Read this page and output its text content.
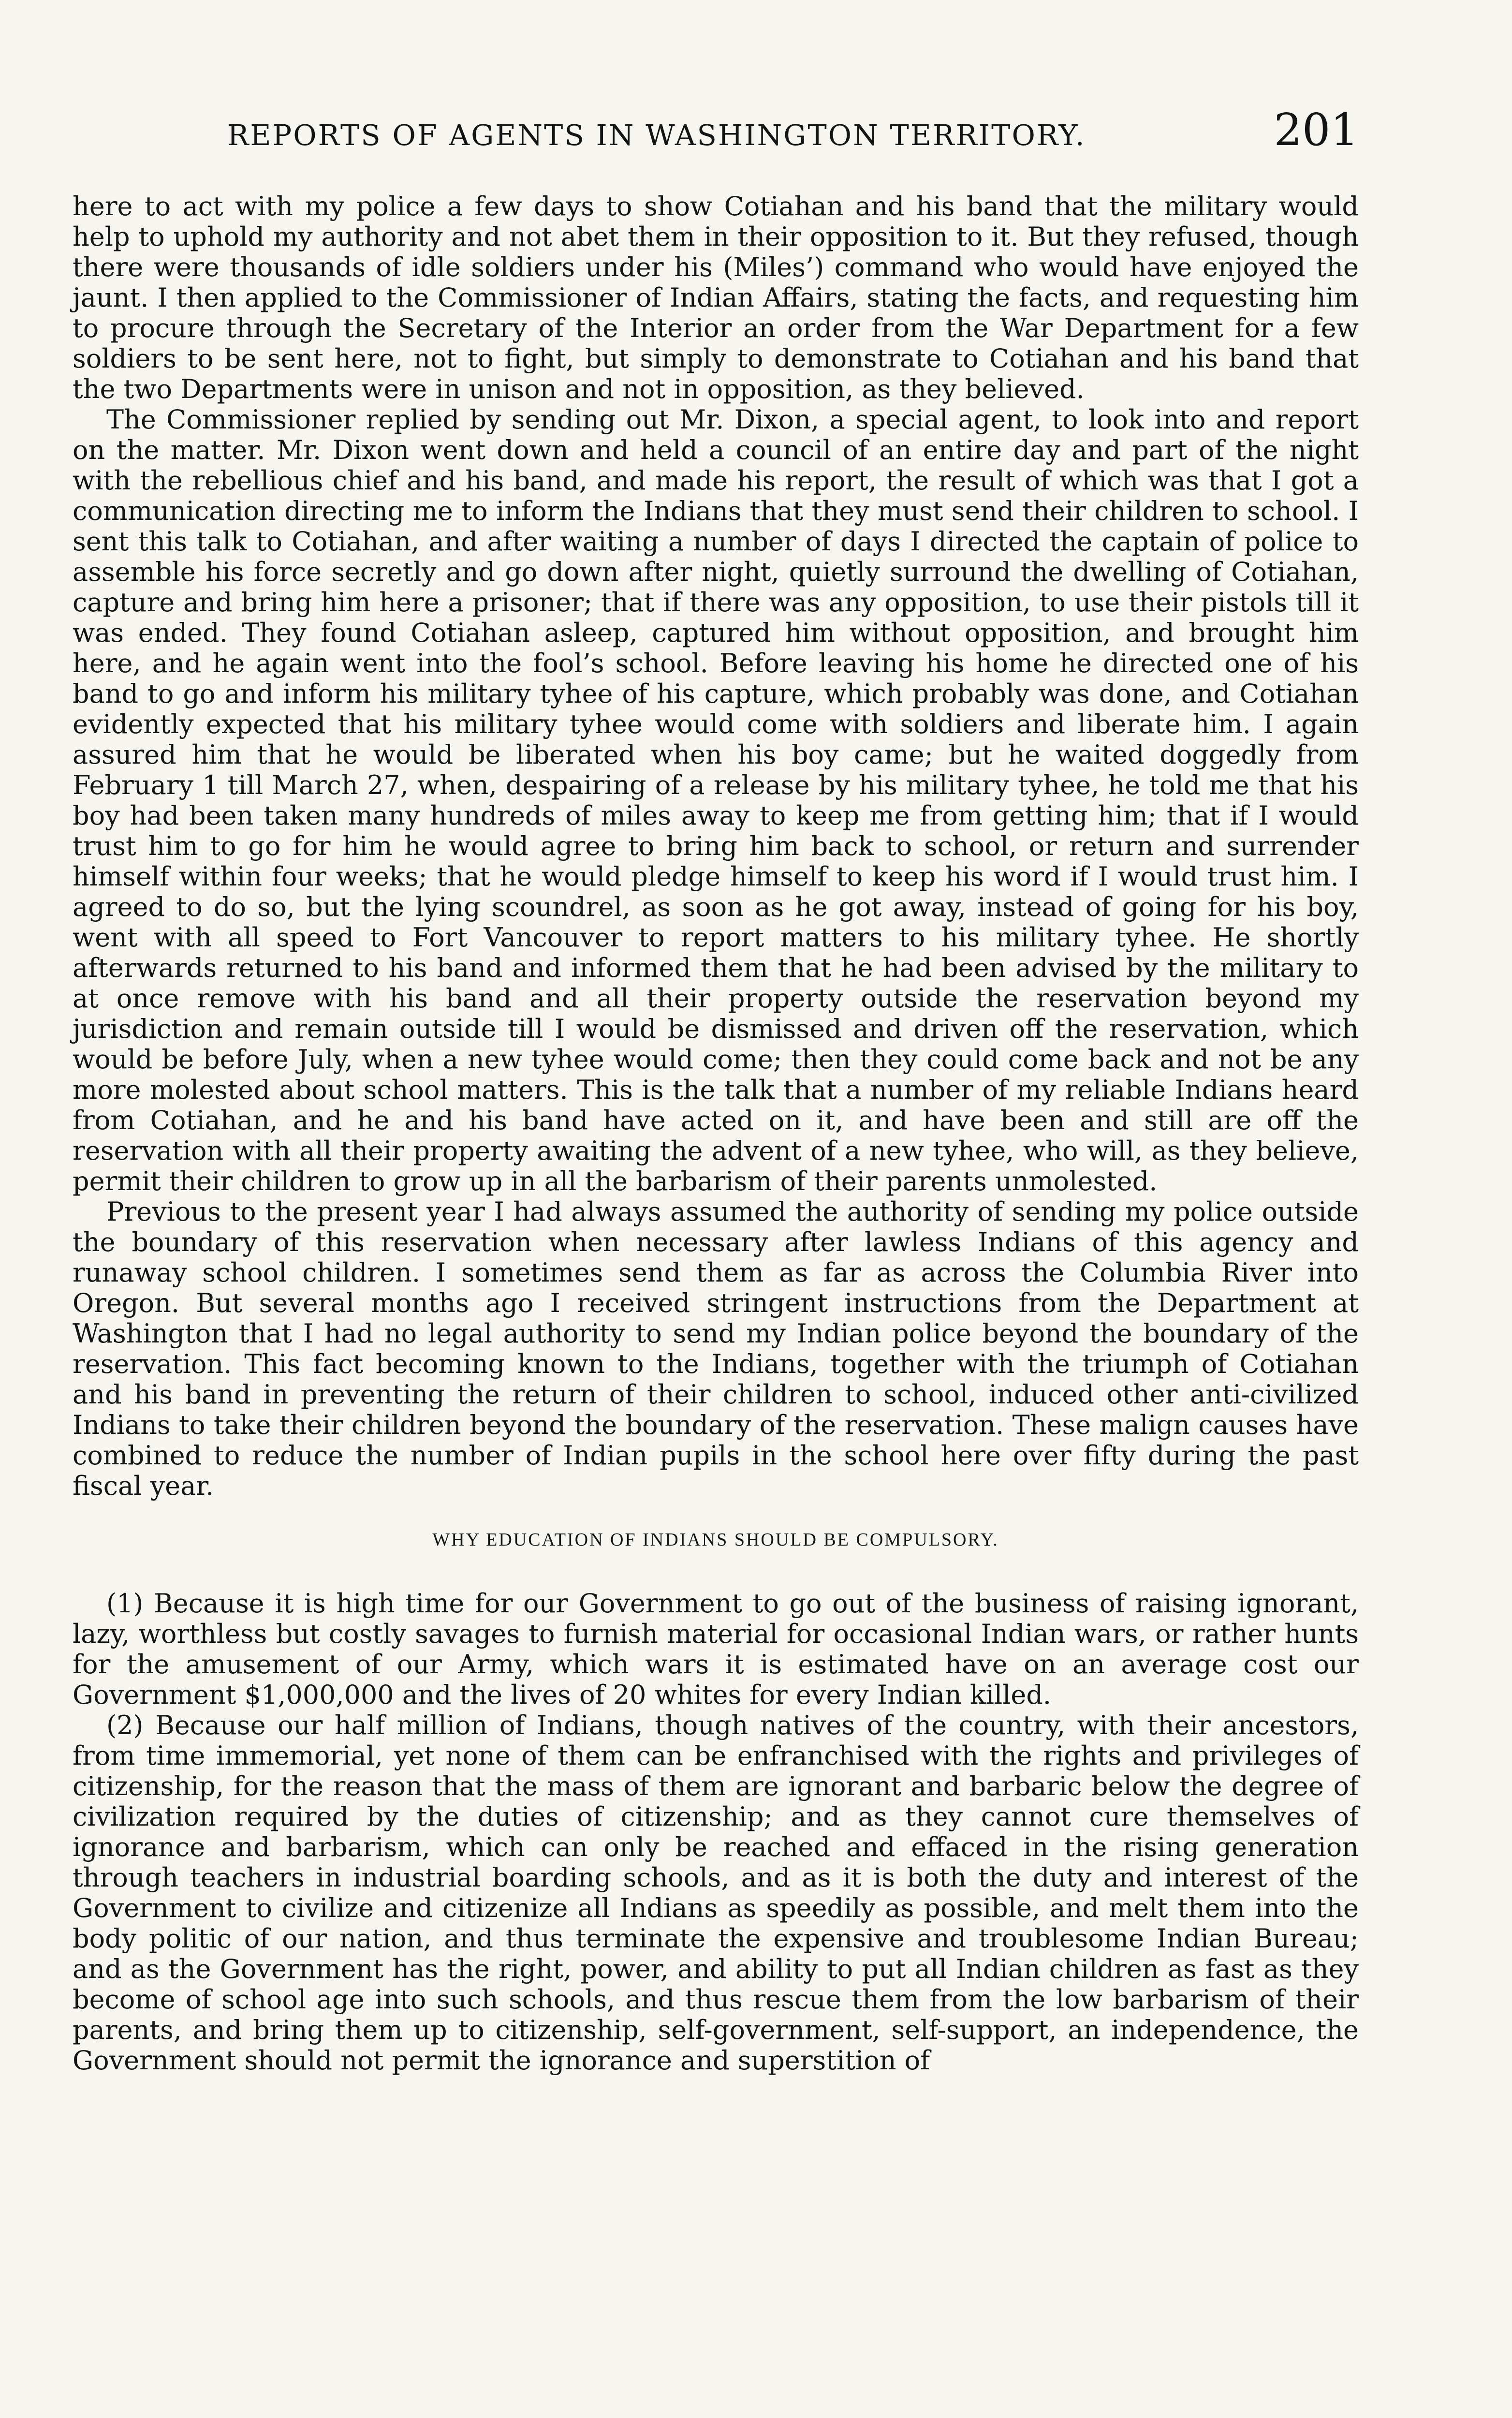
REPORTS OF AGENTS IN WASHINGTON TERRITORY.	201

here to act with my police a few days to show Cotiahan and his band that the military would help to uphold my authority and not abet them in their opposition to it. But they refused, though there were thousands of idle soldiers under his (Miles’) command who would have enjoyed the jaunt. I then applied to the Commissioner of Indian Affairs, stating the facts, and requesting him to procure through the Secretary of the Interior an order from the War Department for a few soldiers to be sent here, not to fight, but simply to demonstrate to Cotiahan and his band that the two Departments were in unison and not in opposition, as they believed.

The Commissioner replied by sending out Mr. Dixon, a special agent, to look into and report on the matter. Mr. Dixon went down and held a council of an entire day and part of the night with the rebellious chief and his band, and made his report, the result of which was that I got a communication directing me to inform the Indians that they must send their children to school. I sent this talk to Cotiahan, and after waiting a number of days I directed the captain of police to assemble his force secretly and go down after night, quietly surround the dwelling of Cotiahan, capture and bring him here a prisoner; that if there was any opposition, to use their pistols till it was ended. They found Cotiahan asleep, captured him without opposition, and brought him here, and he again went into the fool’s school. Before leaving his home he directed one of his band to go and inform his military tyhee of his capture, which probably was done, and Cotiahan evidently expected that his military tyhee would come with soldiers and liberate him. I again assured him that he would be liberated when his boy came; but he waited doggedly from February 1 till March 27, when, despairing of a release by his military tyhee, he told me that his boy had been taken many hundreds of miles away to keep me from getting him; that if I would trust him to go for him he would agree to bring him back to school, or return and surrender himself within four weeks; that he would pledge himself to keep his word if I would trust him. I agreed to do so, but the lying scoundrel, as soon as he got away, instead of going for his boy, went with all speed to Fort Vancouver to report matters to his military tyhee. He shortly afterwards returned to his band and informed them that he had been advised by the military to at once remove with his band and all their property outside the reservation beyond my jurisdiction and remain outside till I would be dismissed and driven off the reservation, which would be before July, when a new tyhee would come; then they could come back and not be any more molested about school matters. This is the talk that a number of my reliable Indians heard from Cotiahan, and he and his band have acted on it, and have been and still are off the reservation with all their property awaiting the advent of a new tyhee, who will, as they believe, permit their children to grow up in all the barbarism of their parents unmolested.

Previous to the present year I had always assumed the authority of sending my police outside the boundary of this reservation when necessary after lawless Indians of this agency and runaway school children. I sometimes send them as far as across the Columbia River into Oregon. But several months ago I received stringent instructions from the Department at Washington that I had no legal authority to send my Indian police beyond the boundary of the reservation. This fact becoming known to the Indians, together with the triumph of Cotiahan and his band in preventing the return of their children to school, induced other anti-civilized Indians to take their children beyond the boundary of the reservation. These malign causes have combined to reduce the number of Indian pupils in the school here over fifty during the past fiscal year.

WHY EDUCATION OF INDIANS SHOULD BE COMPULSORY.

(1) Because it is high time for our Government to go out of the business of raising ignorant, lazy, worthless but costly savages to furnish material for occasional Indian wars, or rather hunts for the amusement of our Army, which wars it is estimated have on an average cost our Government $1,000,000 and the lives of 20 whites for every Indian killed.

(2) Because our half million of Indians, though natives of the country, with their ancestors, from time immemorial, yet none of them can be enfranchised with the rights and privileges of citizenship, for the reason that the mass of them are ignorant and barbaric below the degree of civilization required by the duties of citizenship; and as they cannot cure themselves of ignorance and barbarism, which can only be reached and effaced in the rising generation through teachers in industrial boarding schools, and as it is both the duty and interest of the Government to civilize and citizenize all Indians as speedily as possible, and melt them into the body politic of our nation, and thus terminate the expensive and troublesome Indian Bureau; and as the Government has the right, power, and ability to put all Indian children as fast as they become of school age into such schools, and thus rescue them from the low barbarism of their parents, and bring them up to citizenship, self-government, self-support, an independence, the Government should not permit the ignorance and superstition of
